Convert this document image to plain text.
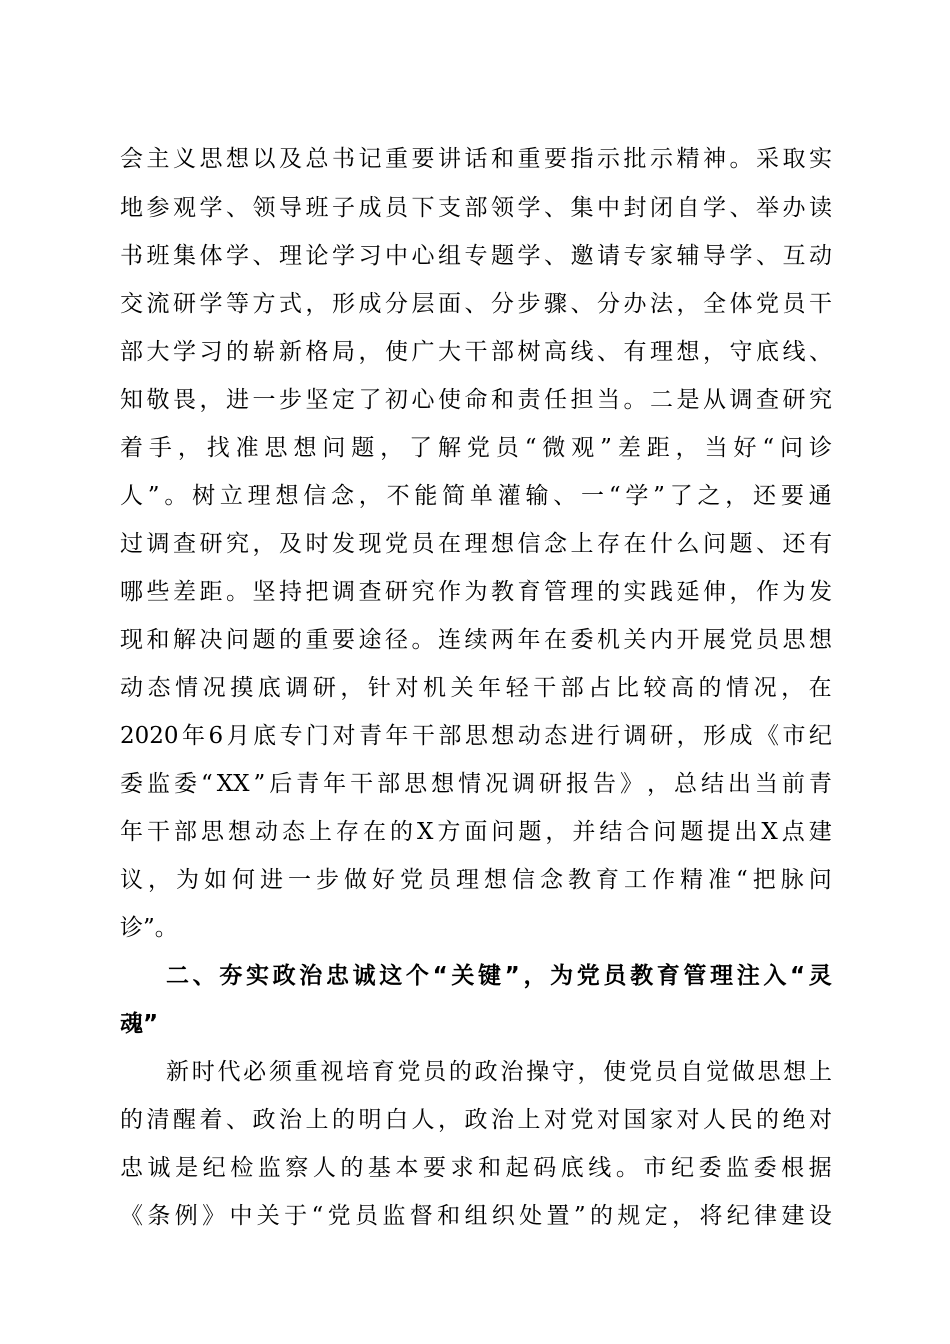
会 主 义 思 想 以 及 总 书 记 重 要 讲 话 和 重 要 指 示 批 示 精 神 。 采 取 实
地 参 观 学 、 领 导 班 子 成 员 下 支 部 领 学 、 集 中 封 闭 自 学 、 举 办 读
书 班 集 体 学 、 理 论 学 习 中 心 组 专 题 学 、 邀 请 专 家 辅 导 学 、 互 动
交 流 研 学 等 方 式 ， 形 成 分 层 面 、 分 步 骤 、 分 办 法 ， 全 体 党 员 干
部 大 学 习 的 崭 新 格 局 ， 使 广 大 干 部 树 高 线 、 有 理 想 ， 守 底 线 、
知 敬 畏 ， 进 一 步 坚 定 了 初 心 使 命 和 责 任 担 当 。 二 是 从 调 查 研 究
着 手 ， 找 准 思 想 问 题 ， 了 解 党 员 “ 微 观 ” 差 距 ， 当 好 “ 问 诊
人 ” 。 树 立 理 想 信 念 ， 不 能 简 单 灌 输 、 一 “ 学 ” 了 之 ， 还 要 通
过 调 查 研 究 ， 及 时 发 现 党 员 在 理 想 信 念 上 存 在 什 么 问 题 、 还 有
哪 些 差 距 。 坚 持 把 调 查 研 究 作 为 教 育 管 理 的 实 践 延 伸 ， 作 为 发
现 和 解 决 问 题 的 重 要 途 径 。 连 续 两 年 在 委 机 关 内 开 展 党 员 思 想
动 态 情 况 摸 底 调 研 ， 针 对 机 关 年 轻 干 部 占 比 较 高 的 情 况 ， 在
2020 年 6 月 底 专 门 对 青 年 干 部 思 想 动 态 进 行 调 研 ， 形 成 《 市 纪
委 监 委 “ XX ” 后 青 年 干 部 思 想 情 况 调 研 报 告 》 ， 总 结 出 当 前 青
年 干 部 思 想 动 态 上 存 在 的 X 方 面 问 题 ， 并 结 合 问 题 提 出 X 点 建
议 ， 为 如 何 进 一 步 做 好 党 员 理 想 信 念 教 育 工 作 精 准 “ 把 脉 问
诊”。
二 、 夯 实 政 治 忠 诚 这 个 “ 关 键 ” ， 为 党 员 教 育 管 理 注 入 “ 灵
魂”
新 时 代 必 须 重 视 培 育 党 员 的 政 治 操 守 ， 使 党 员 自 觉 做 思 想 上
的 清 醒 着 、 政 治 上 的 明 白 人 ， 政 治 上 对 党 对 国 家 对 人 民 的 绝 对
忠 诚 是 纪 检 监 察 人 的 基 本 要 求 和 起 码 底 线 。 市 纪 委 监 委 根 据
《 条 例 》 中 关 于 “ 党 员 监 督 和 组 织 处 置 ” 的 规 定 ， 将 纪 律 建 设
